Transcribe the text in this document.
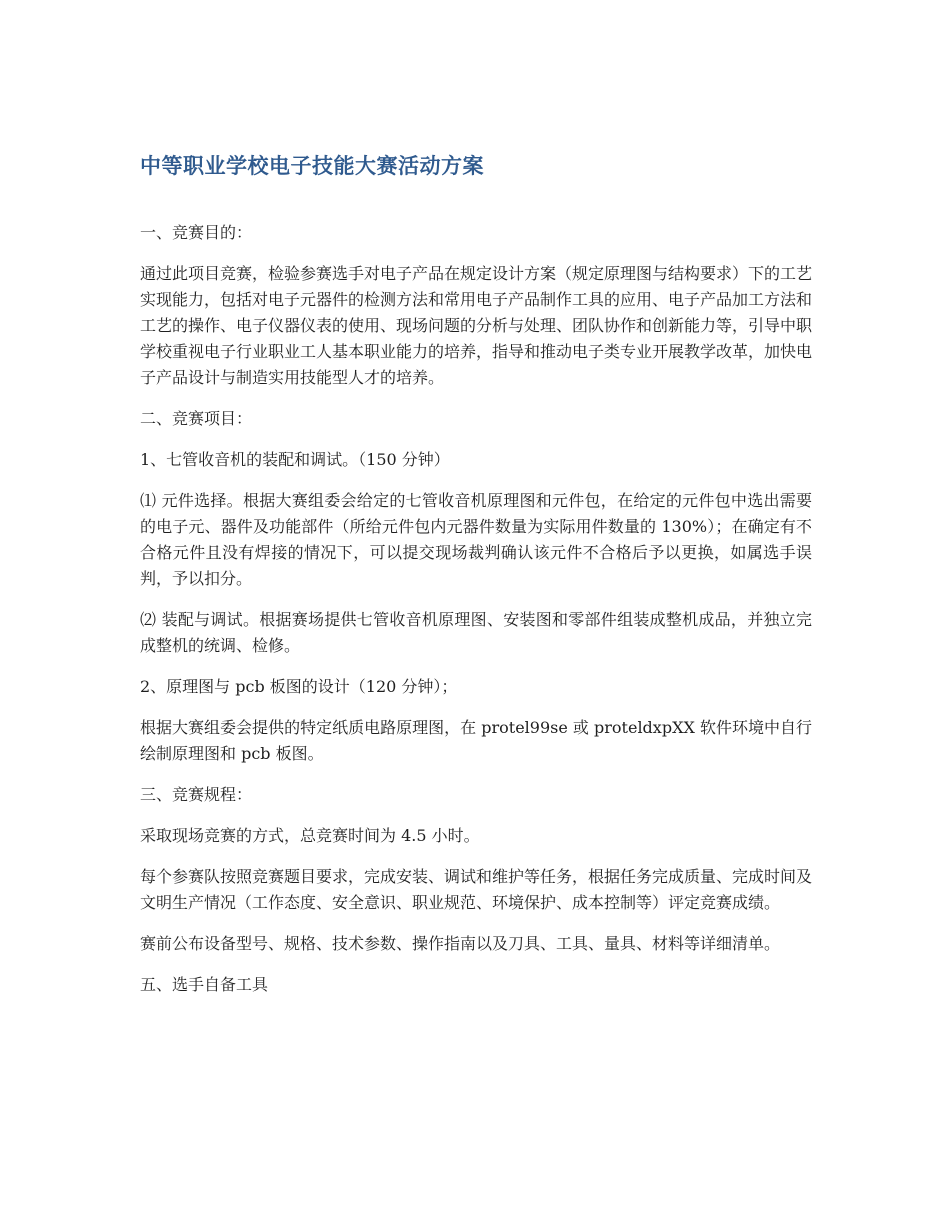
中等职业学校电子技能大赛活动方案

一、竞赛目的：

通过此项目竞赛，检验参赛选手对电子产品在规定设计方案（规定原理图与结构要求）下的工艺实现能力，包括对电子元器件的检测方法和常用电子产品制作工具的应用、电子产品加工方法和工艺的操作、电子仪器仪表的使用、现场问题的分析与处理、团队协作和创新能力等，引导中职学校重视电子行业职业工人基本职业能力的培养，指导和推动电子类专业开展教学改革，加快电子产品设计与制造实用技能型人才的培养。

二、竞赛项目：

1、七管收音机的装配和调试。（150 分钟）

⑴ 元件选择。根据大赛组委会给定的七管收音机原理图和元件包，在给定的元件包中选出需要的电子元、器件及功能部件（所给元件包内元器件数量为实际用件数量的 130%）；在确定有不合格元件且没有焊接的情况下，可以提交现场裁判确认该元件不合格后予以更换，如属选手误判，予以扣分。

⑵ 装配与调试。根据赛场提供七管收音机原理图、安装图和零部件组装成整机成品，并独立完成整机的统调、检修。

2、原理图与 pcb 板图的设计（120 分钟）；

根据大赛组委会提供的特定纸质电路原理图，在 protel99se 或 proteldxpXX 软件环境中自行绘制原理图和 pcb 板图。

三、竞赛规程：

采取现场竞赛的方式，总竞赛时间为 4.5 小时。

每个参赛队按照竞赛题目要求，完成安装、调试和维护等任务，根据任务完成质量、完成时间及文明生产情况（工作态度、安全意识、职业规范、环境保护、成本控制等）评定竞赛成绩。

赛前公布设备型号、规格、技术参数、操作指南以及刀具、工具、量具、材料等详细清单。

五、选手自备工具
